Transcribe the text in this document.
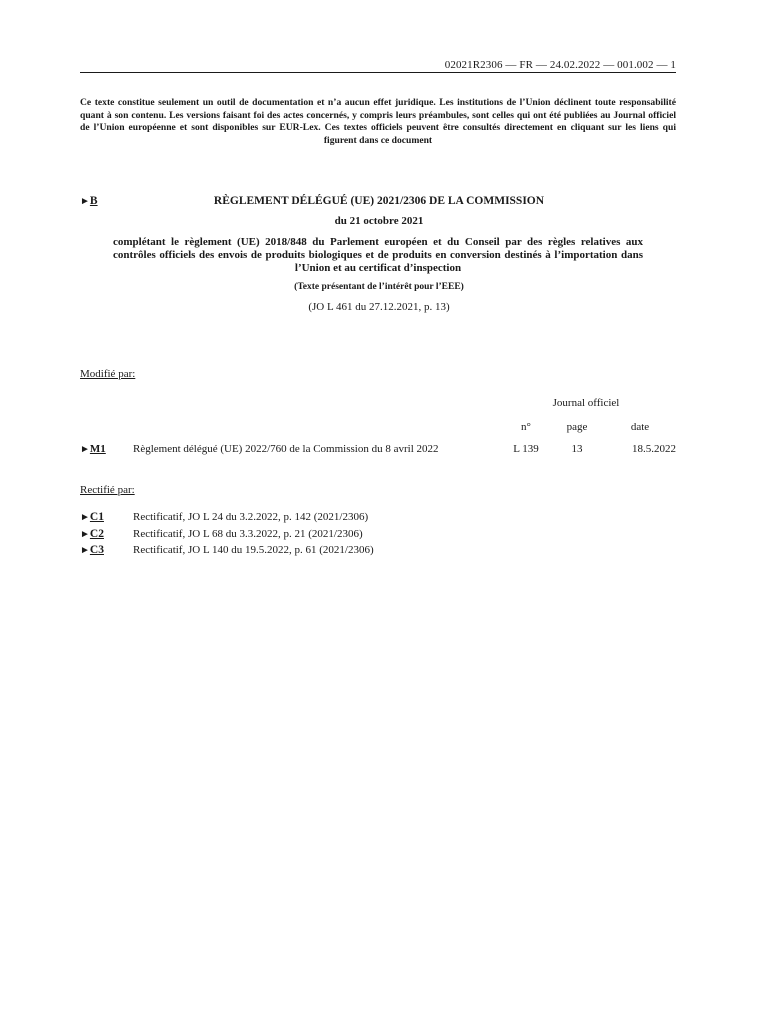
02021R2306 — FR — 24.02.2022 — 001.002 — 1
Ce texte constitue seulement un outil de documentation et n’a aucun effet juridique. Les institutions de l’Union déclinent toute responsabilité quant à son contenu. Les versions faisant foi des actes concernés, y compris leurs préambules, sont celles qui ont été publiées au Journal officiel de l’Union européenne et sont disponibles sur EUR-Lex. Ces textes officiels peuvent être consultés directement en cliquant sur les liens qui figurent dans ce document
►B	RÈGLEMENT DÉLÉGUÉ (UE) 2021/2306 DE LA COMMISSION
du 21 octobre 2021
complétant le règlement (UE) 2018/848 du Parlement européen et du Conseil par des règles relatives aux contrôles officiels des envois de produits biologiques et de produits en conversion destinés à l’importation dans l’Union et au certificat d’inspection
(Texte présentant de l’intérêt pour l’EEE)
(JO L 461 du 27.12.2021, p. 13)
Modifié par:
Journal officiel
n°	page	date
►M1 Règlement délégué (UE) 2022/760 de la Commission du 8 avril 2022	L 139	13	18.5.2022
Rectifié par:
►C1	Rectificatif, JO L 24 du 3.2.2022, p. 142 (2021/2306)
►C2	Rectificatif, JO L 68 du 3.3.2022, p. 21 (2021/2306)
►C3	Rectificatif, JO L 140 du 19.5.2022, p. 61 (2021/2306)
